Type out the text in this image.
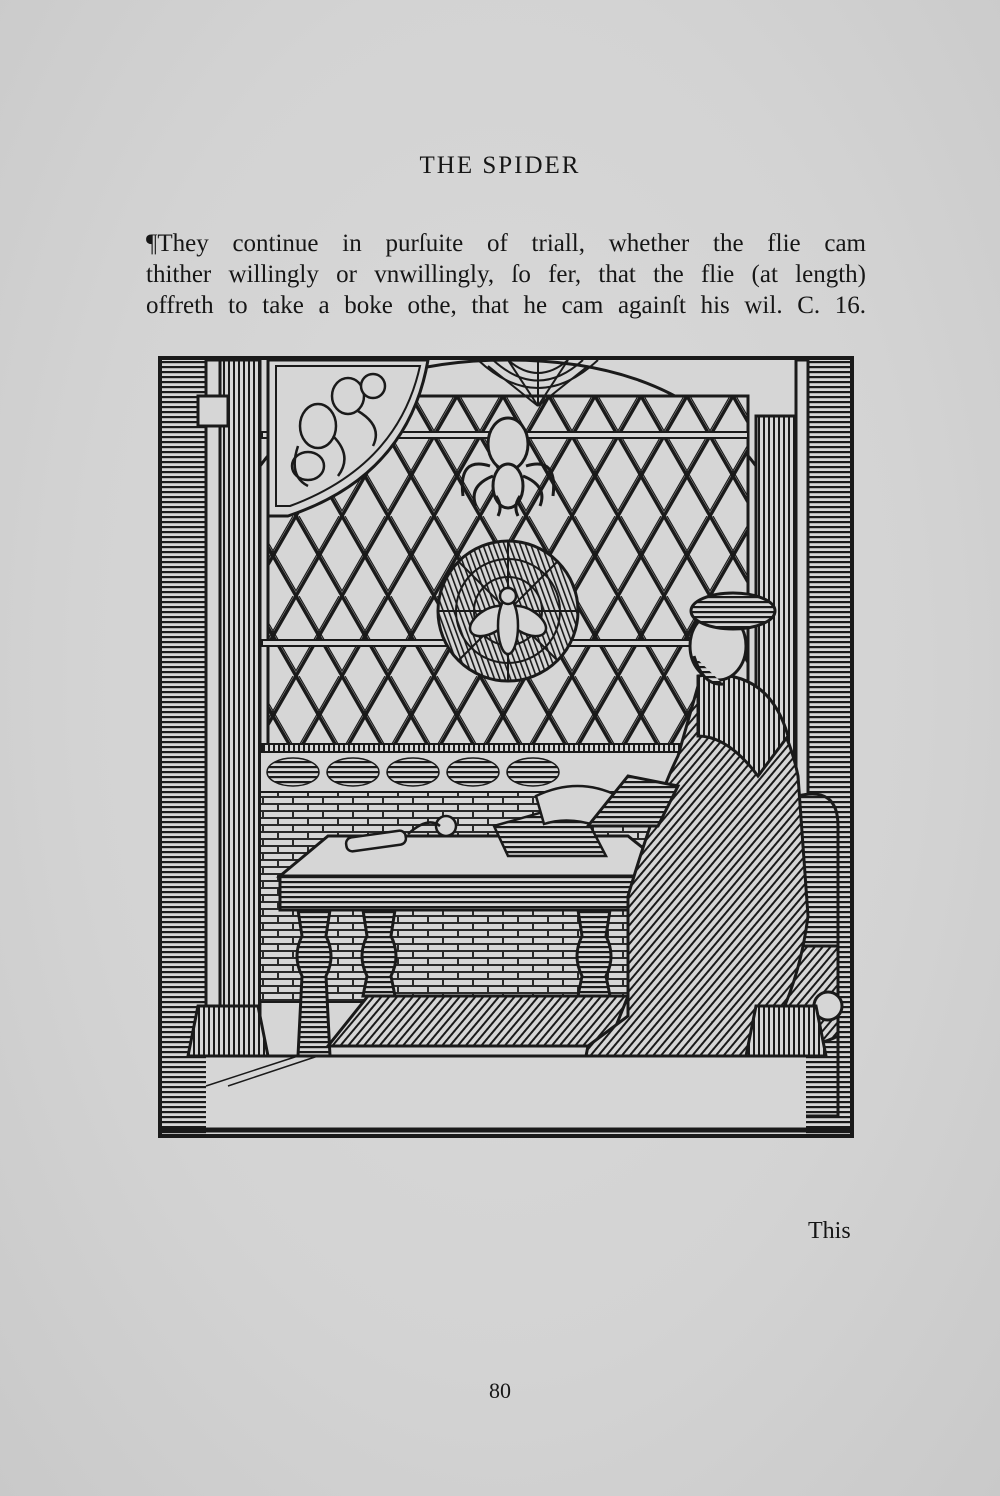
THE SPIDER
¶They continue in purſuite of triall, whether the flie cam
thither willingly or vnwillingly, ſo fer, that the flie (at length)
offreth to take a boke othe, that he cam againſt his wil. C. 16.
This
80
